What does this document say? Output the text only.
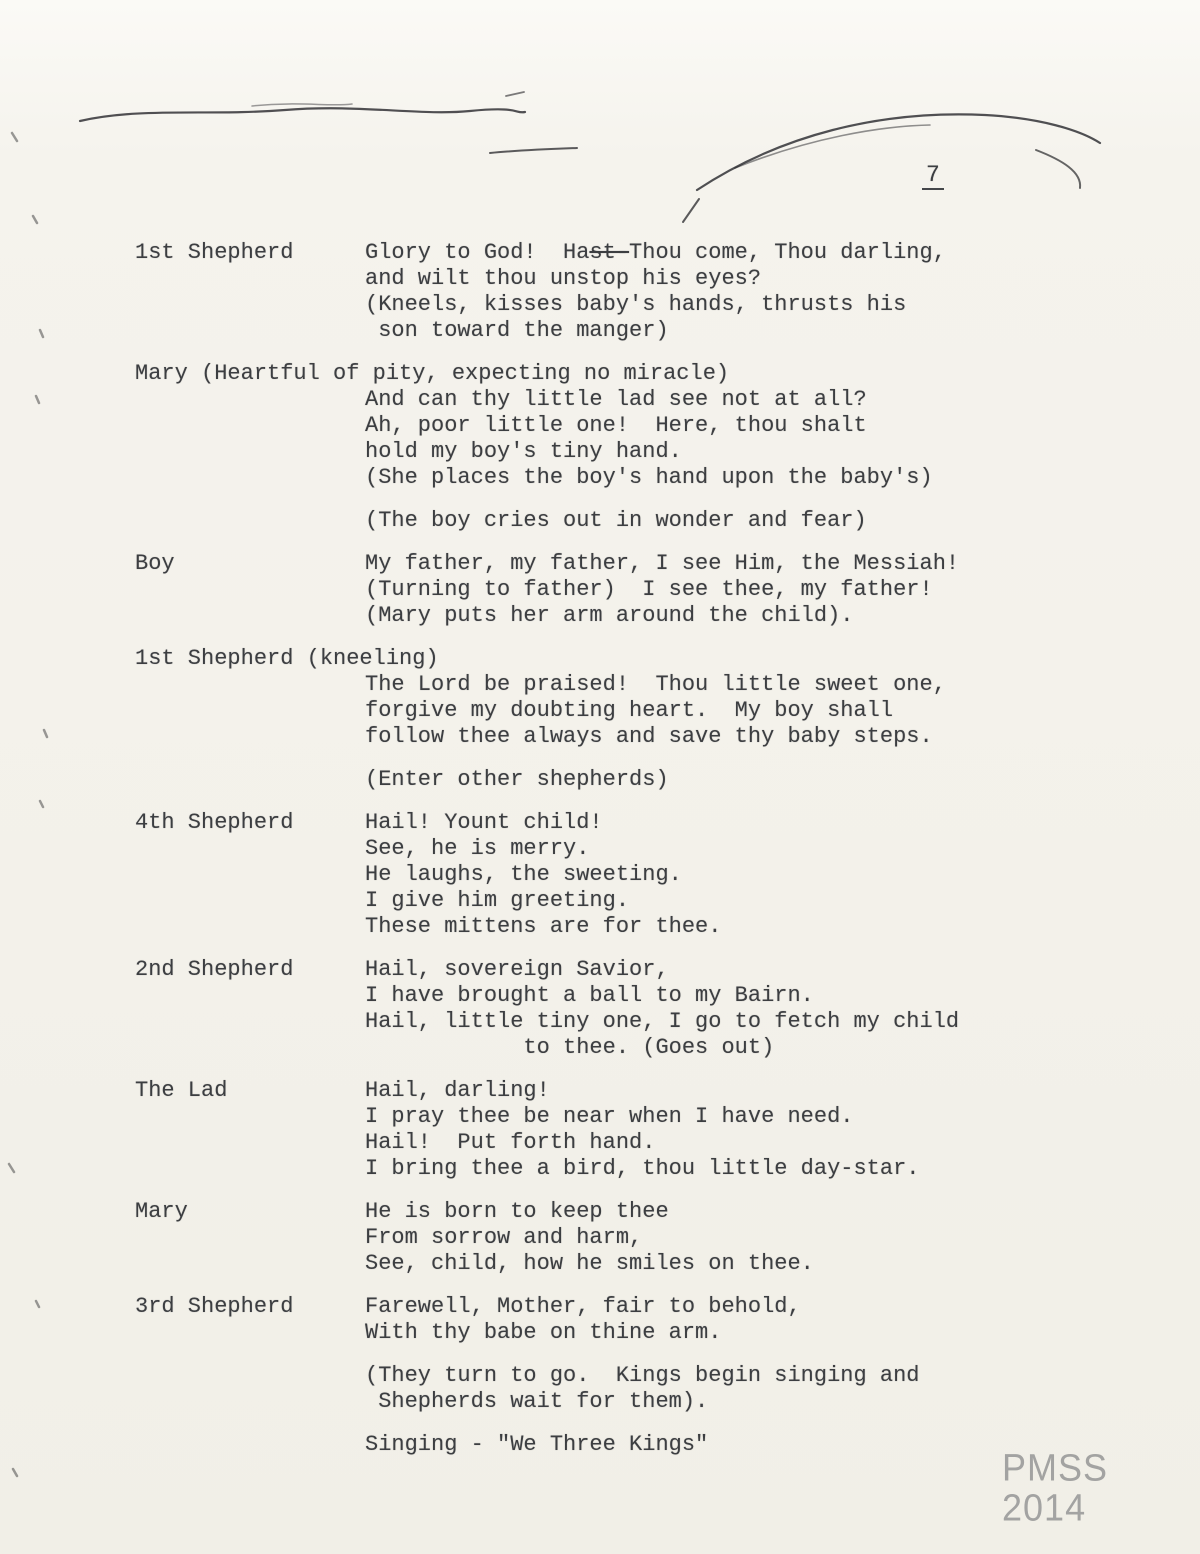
7
1st Shepherd	Glory to God!  Hast-Thou come, Thou darling,
and wilt thou unstop his eyes?
(Kneels, kisses baby's hands, thrusts his
son toward the manger)
Mary (Heartful of pity, expecting no miracle)
And can thy little lad see not at all?
Ah, poor little one!  Here, thou shalt
hold my boy's tiny hand.
(She places the boy's hand upon the baby's)
(The boy cries out in wonder and fear)
Boy	My father, my father, I see Him, the Messiah!
(Turning to father)  I see thee, my father!
(Mary puts her arm around the child).
1st Shepherd (kneeling)
The Lord be praised!  Thou little sweet one,
forgive my doubting heart.  My boy shall
follow thee always and save thy baby steps.
(Enter other shepherds)
4th Shepherd	Hail! Yount child!
See, he is merry.
He laughs, the sweeting.
I give him greeting.
These mittens are for thee.
2nd Shepherd	Hail, sovereign Savior,
I have brought a ball to my Bairn.
Hail, little tiny one, I go to fetch my child
to thee. (Goes out)
The Lad	Hail, darling!
I pray thee be near when I have need.
Hail!  Put forth hand.
I bring thee a bird, thou little day-star.
Mary	He is born to keep thee
From sorrow and harm,
See, child, how he smiles on thee.
3rd Shepherd	Farewell, Mother, fair to behold,
With thy babe on thine arm.
(They turn to go.  Kings begin singing and
Shepherds wait for them).
Singing - "We Three Kings"
PMSS 2014
